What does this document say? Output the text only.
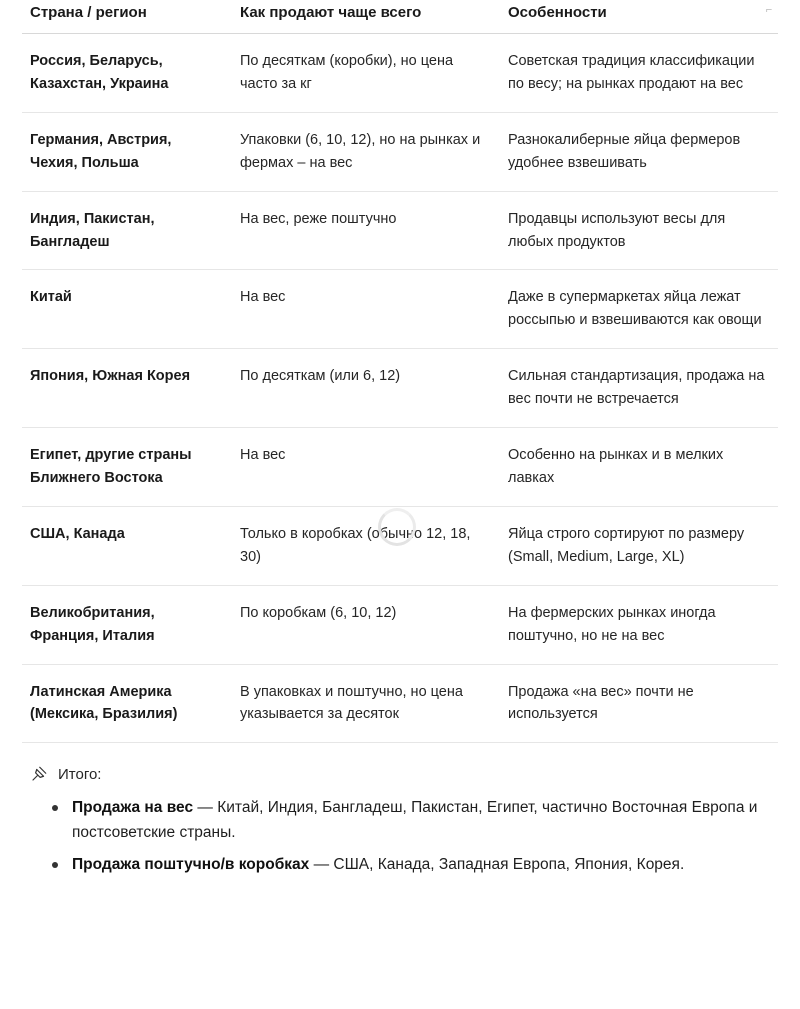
⌐
Страна / регион	Как продают чаще всего	Особенности
Россия, Беларусь, Казахстан, Украина	По десяткам (коробки), но цена часто за кг	Советская традиция классификации по весу; на рынках продают на вес
Германия, Австрия, Чехия, Польша	Упаковки (6, 10, 12), но на рынках и фермах – на вес	Разнокалиберные яйца фермеров удобнее взвешивать
Индия, Пакистан, Бангладеш	На вес, реже поштучно	Продавцы используют весы для любых продуктов
Китай	На вес	Даже в супермаркетах яйца лежат россыпью и взвешиваются как овощи
Япония, Южная Корея	По десяткам (или 6, 12)	Сильная стандартизация, продажа на вес почти не встречается
Египет, другие страны Ближнего Востока	На вес	Особенно на рынках и в мелких лавках
США, Канада	Только в коробках (обычно 12, 18, 30)	Яйца строго сортируют по размеру (Small, Medium, Large, XL)
Великобритания, Франция, Италия	По коробкам (6, 10, 12)	На фермерских рынках иногда поштучно, но не на вес
Латинская Америка (Мексика, Бразилия)	В упаковках и поштучно, но цена указывается за десяток	Продажа «на вес» почти не используется
Итого:
Продажа на вес — Китай, Индия, Бангладеш, Пакистан, Египет, частично Восточная Европа и постсоветские страны.
Продажа поштучно/в коробках — США, Канада, Западная Европа, Япония, Корея.
